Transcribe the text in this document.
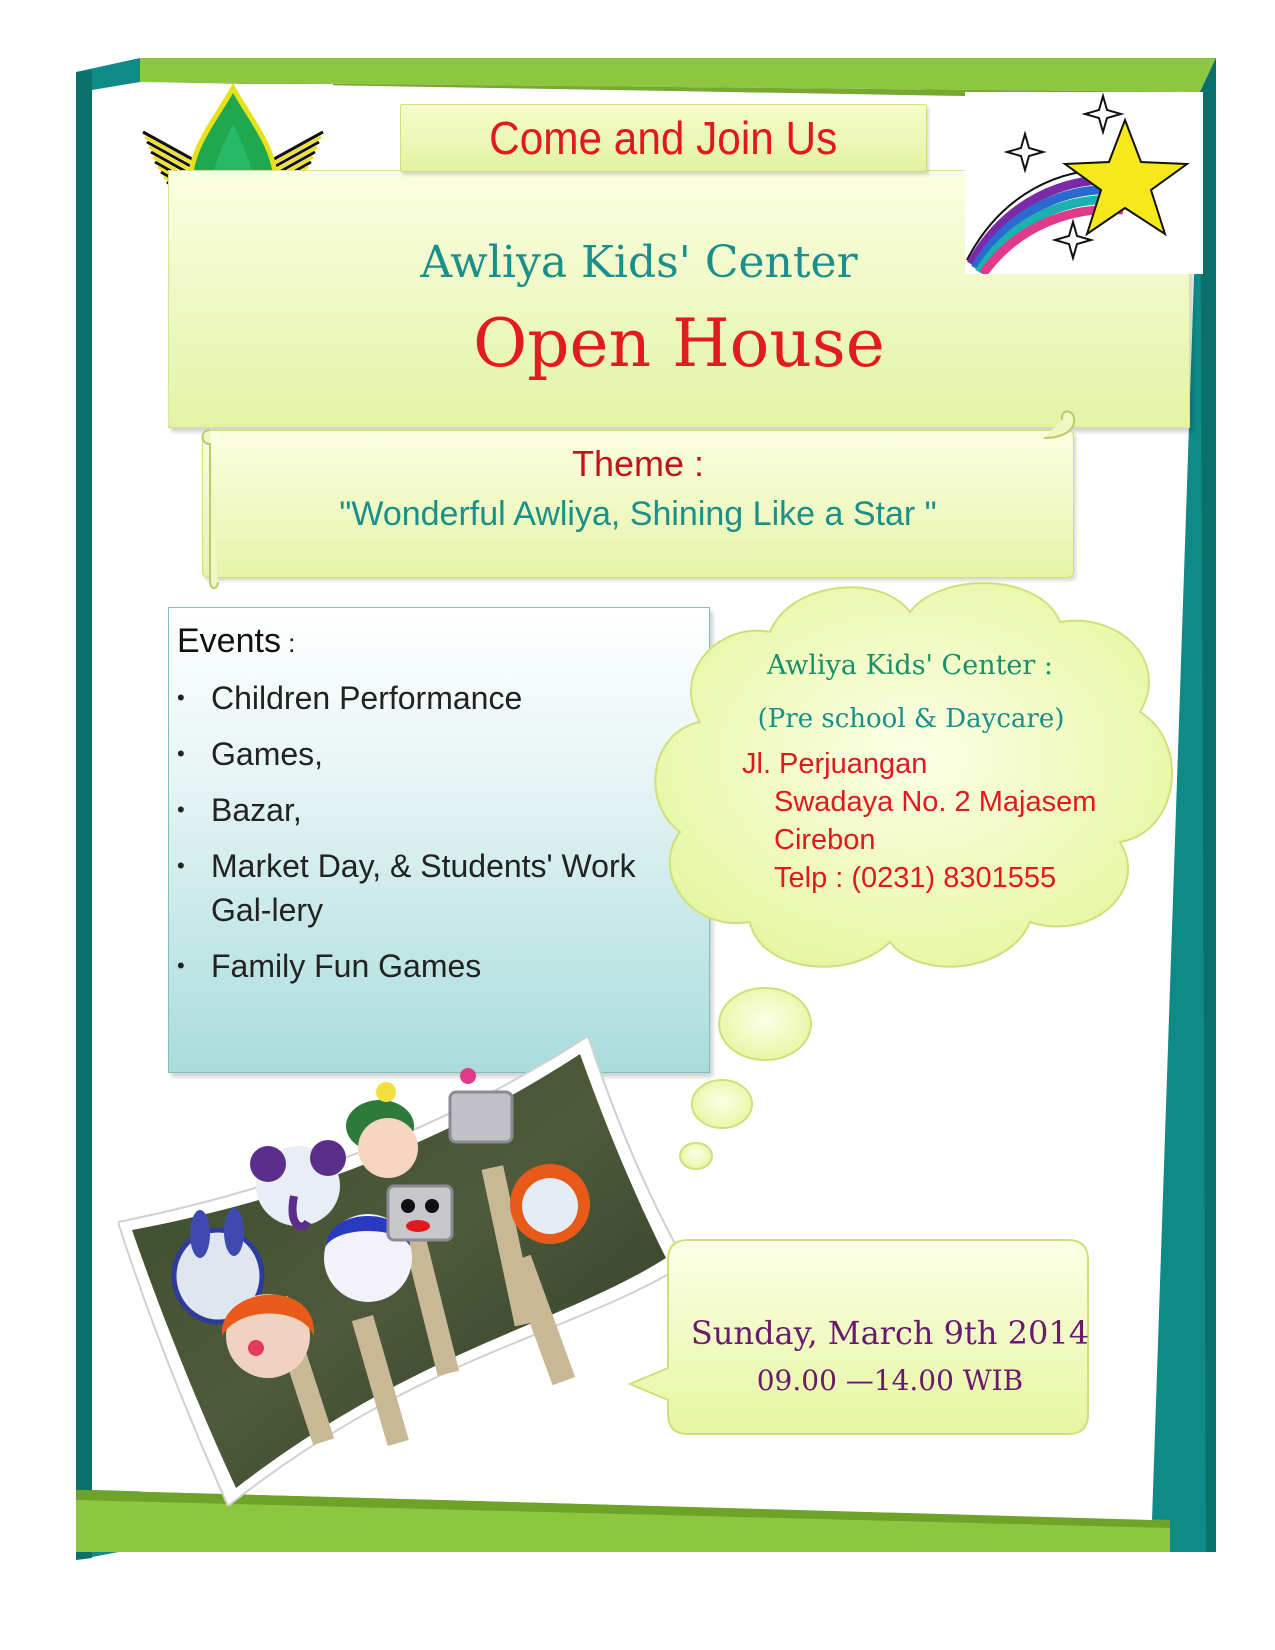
Awliya Kids' Center
Open House
Come and Join Us
Theme :
"Wonderful Awliya, Shining Like a Star "
Events :
• Children Performance
• Games,
• Bazar,
• Market Day, & Students' Work Gal-lery
• Family Fun Games
Awliya Kids' Center :
(Pre school & Daycare)
Jl. Perjuangan
Swadaya No. 2 Majasem
Cirebon
Telp : (0231) 8301555
Sunday, March 9th 2014
09.00 —14.00 WIB
